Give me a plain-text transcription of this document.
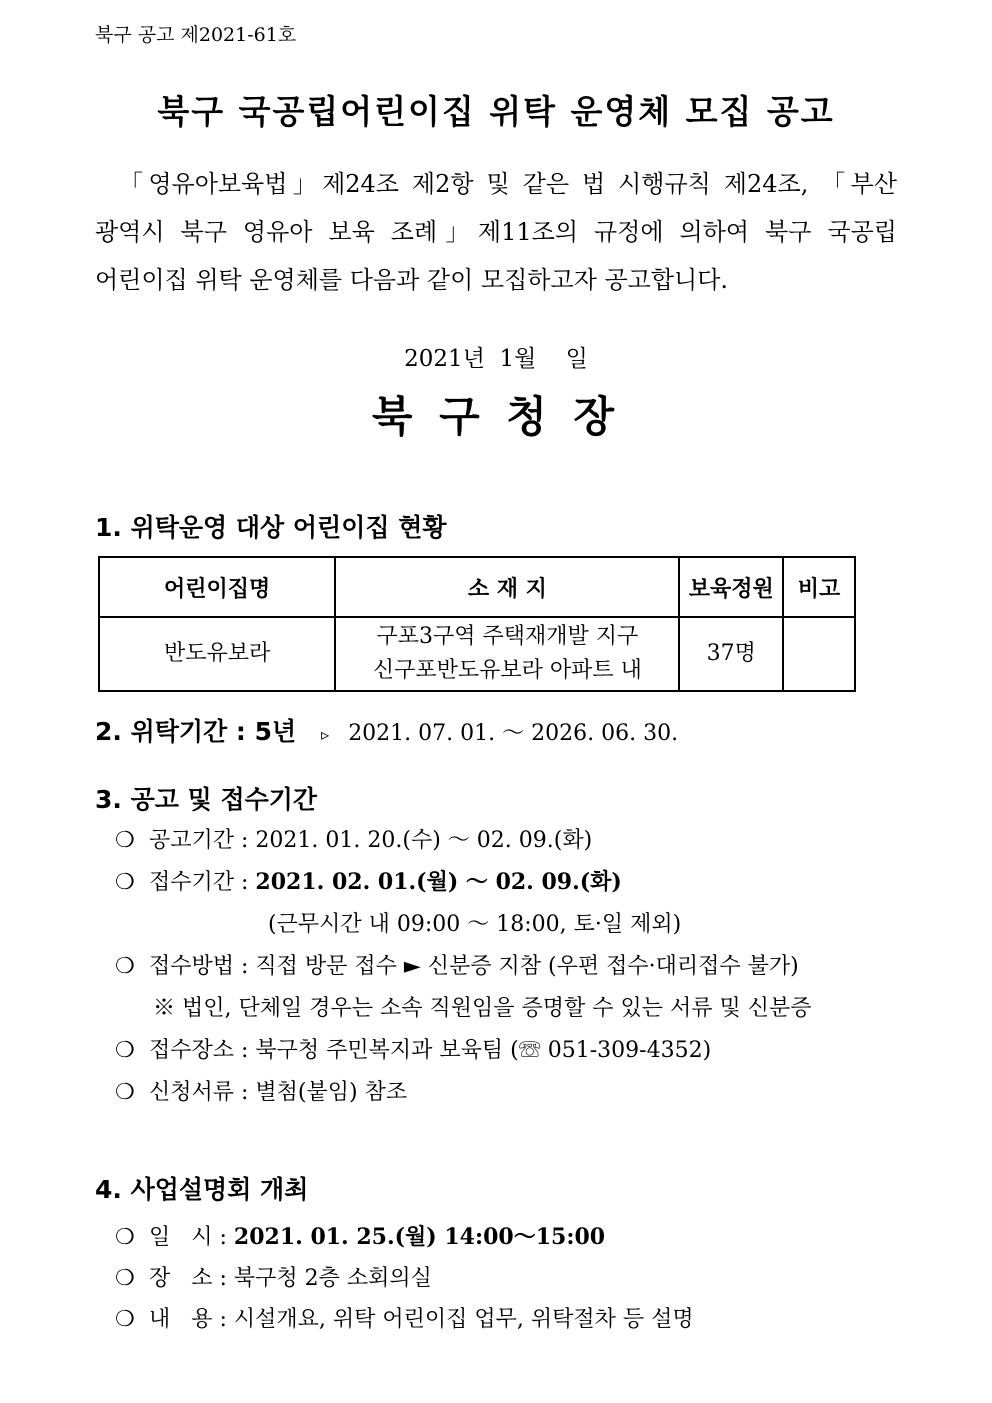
북구 공고 제2021-61호
북구 국공립어린이집 위탁 운영체 모집 공고

「영유아보육법」제24조 제2항 및 같은 법 시행규칙 제24조, 「부산

광역시 북구 영유아 보육 조례」제11조의 규정에 의하여 북구 국공립

어린이집 위탁 운영체를 다음과 같이 모집하고자 공고합니다.

2021년  1월    일
북 구 청 장
1. 위탁운영 대상 어린이집 현황
어린이집명	소 재 지	보육정원	비고
반도유보라	구포3구역 주택재개발 지구
신구포반도유보라 아파트 내	37명	
2. 위탁기간 : 5년 ▹ 2021. 07. 01. ～ 2026. 06. 30.
3. 공고 및 접수기간
❍ 공고기간 : 2021. 01. 20.(수) ～ 02. 09.(화)
❍ 접수기간 : 2021. 02. 01.(월) ～ 02. 09.(화)
(근무시간 내 09:00 ～ 18:00, 토·일 제외)
❍ 접수방법 : 직접 방문 접수 ► 신분증 지참 (우편 접수·대리접수 불가)
※ 법인, 단체일 경우는 소속 직원임을 증명할 수 있는 서류 및 신분증
❍ 접수장소 : 북구청 주민복지과 보육팀 (☏ 051-309-4352)
❍ 신청서류 : 별첨(붙임) 참조
4. 사업설명회 개최
❍ 일   시 : 2021. 01. 25.(월) 14:00～15:00
❍ 장   소 : 북구청 2층 소회의실
❍ 내   용 : 시설개요, 위탁 어린이집 업무, 위탁절차 등 설명
